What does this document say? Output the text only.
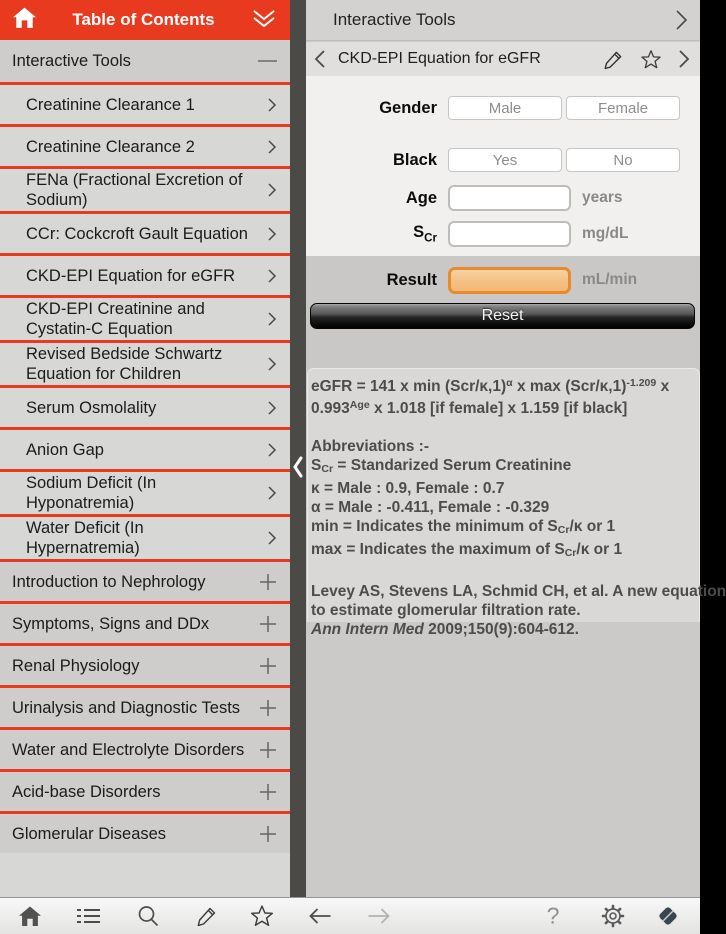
Table of Contents
Interactive Tools
Creatinine Clearance 1
Creatinine Clearance 2
FENa (Fractional Excretion of Sodium)
CCr: Cockcroft Gault Equation
CKD-EPI Equation for eGFR
CKD-EPI Creatinine and Cystatin-C Equation
Revised Bedside Schwartz Equation for Children
Serum Osmolality
Anion Gap
Sodium Deficit (In Hyponatremia)
Water Deficit (In Hypernatremia)
Introduction to Nephrology
Symptoms, Signs and DDx
Renal Physiology
Urinalysis and Diagnostic Tests
Water and Electrolyte Disorders
Acid-base Disorders
Glomerular Diseases
Interactive Tools
CKD-EPI Equation for eGFR
Gender	Male	Female
Black	Yes	No
Age	years
$S_{Cr}$	mg/dL
Result	mL/min
Reset
eGFR = 141 x $\min (Scr/\kappa,1)^\alpha$ x $\max (Scr/\kappa,1)^{-1.209}$ x
$0.993^{Age}$ x 1.018 [if female] x 1.159 [if black]
Abbreviations :-
$S_{Cr}$ = Standarized Serum Creatinine
κ = Male : 0.9, Female : 0.7
α = Male : -0.411, Female : -0.329
min = Indicates the minimum of $S_{Cr}/\kappa$ or 1
max = Indicates the maximum of $S_{Cr}/\kappa$ or 1
Levey AS, Stevens LA, Schmid CH, et al. A new equation
to estimate glomerular filtration rate.
Ann Intern Med 2009;150(9):604-612.
?
